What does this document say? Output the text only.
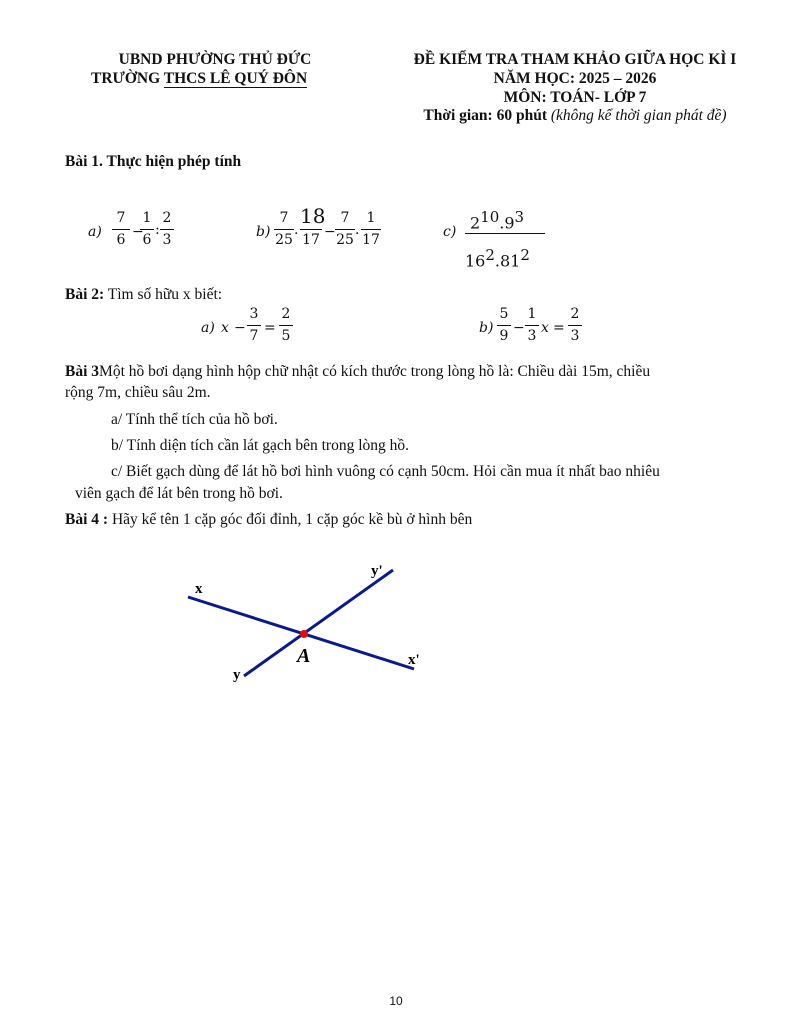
UBND PHƯỜNG THỦ ĐỨC
TRƯỜNG THCS LÊ QUÝ ĐÔN
ĐỀ KIỂM TRA THAM KHẢO GIỮA HỌC KÌ I
NĂM HỌC: 2025 – 2026
MÔN: TOÁN- LỚP 7
Thời gian: 60 phút (không kể thời gian phát đề)
Bài 1. Thực hiện phép tính
a)
7
6 −
1
6
:
2
3	b)
7
25
.
18
17 −
7
25
.
1
17	c) $2^{10}.9^3$
$16^2.81^2$
Bài 2: Tìm số hữu x biết:
a) x −
3
7 =
2
5	b)
5
9 −
1
3 x =
2
3
Bài 3Một hồ bơi dạng hình hộp chữ nhật có kích thước trong lòng hồ là: Chiều dài 15m, chiều
rộng 7m, chiều sâu 2m.
a/ Tính thể tích của hồ bơi.
b/ Tính diện tích cần lát gạch bên trong lòng hồ.
c/ Biết gạch dùng để lát hồ bơi hình vuông có cạnh 50cm. Hỏi cần mua ít nhất bao nhiêu
viên gạch để lát bên trong hồ bơi.
Bài 4 : Hãy kể tên 1 cặp góc đối đỉnh, 1 cặp góc kề bù ở hình bên
x
y'
A	x'
y
10
